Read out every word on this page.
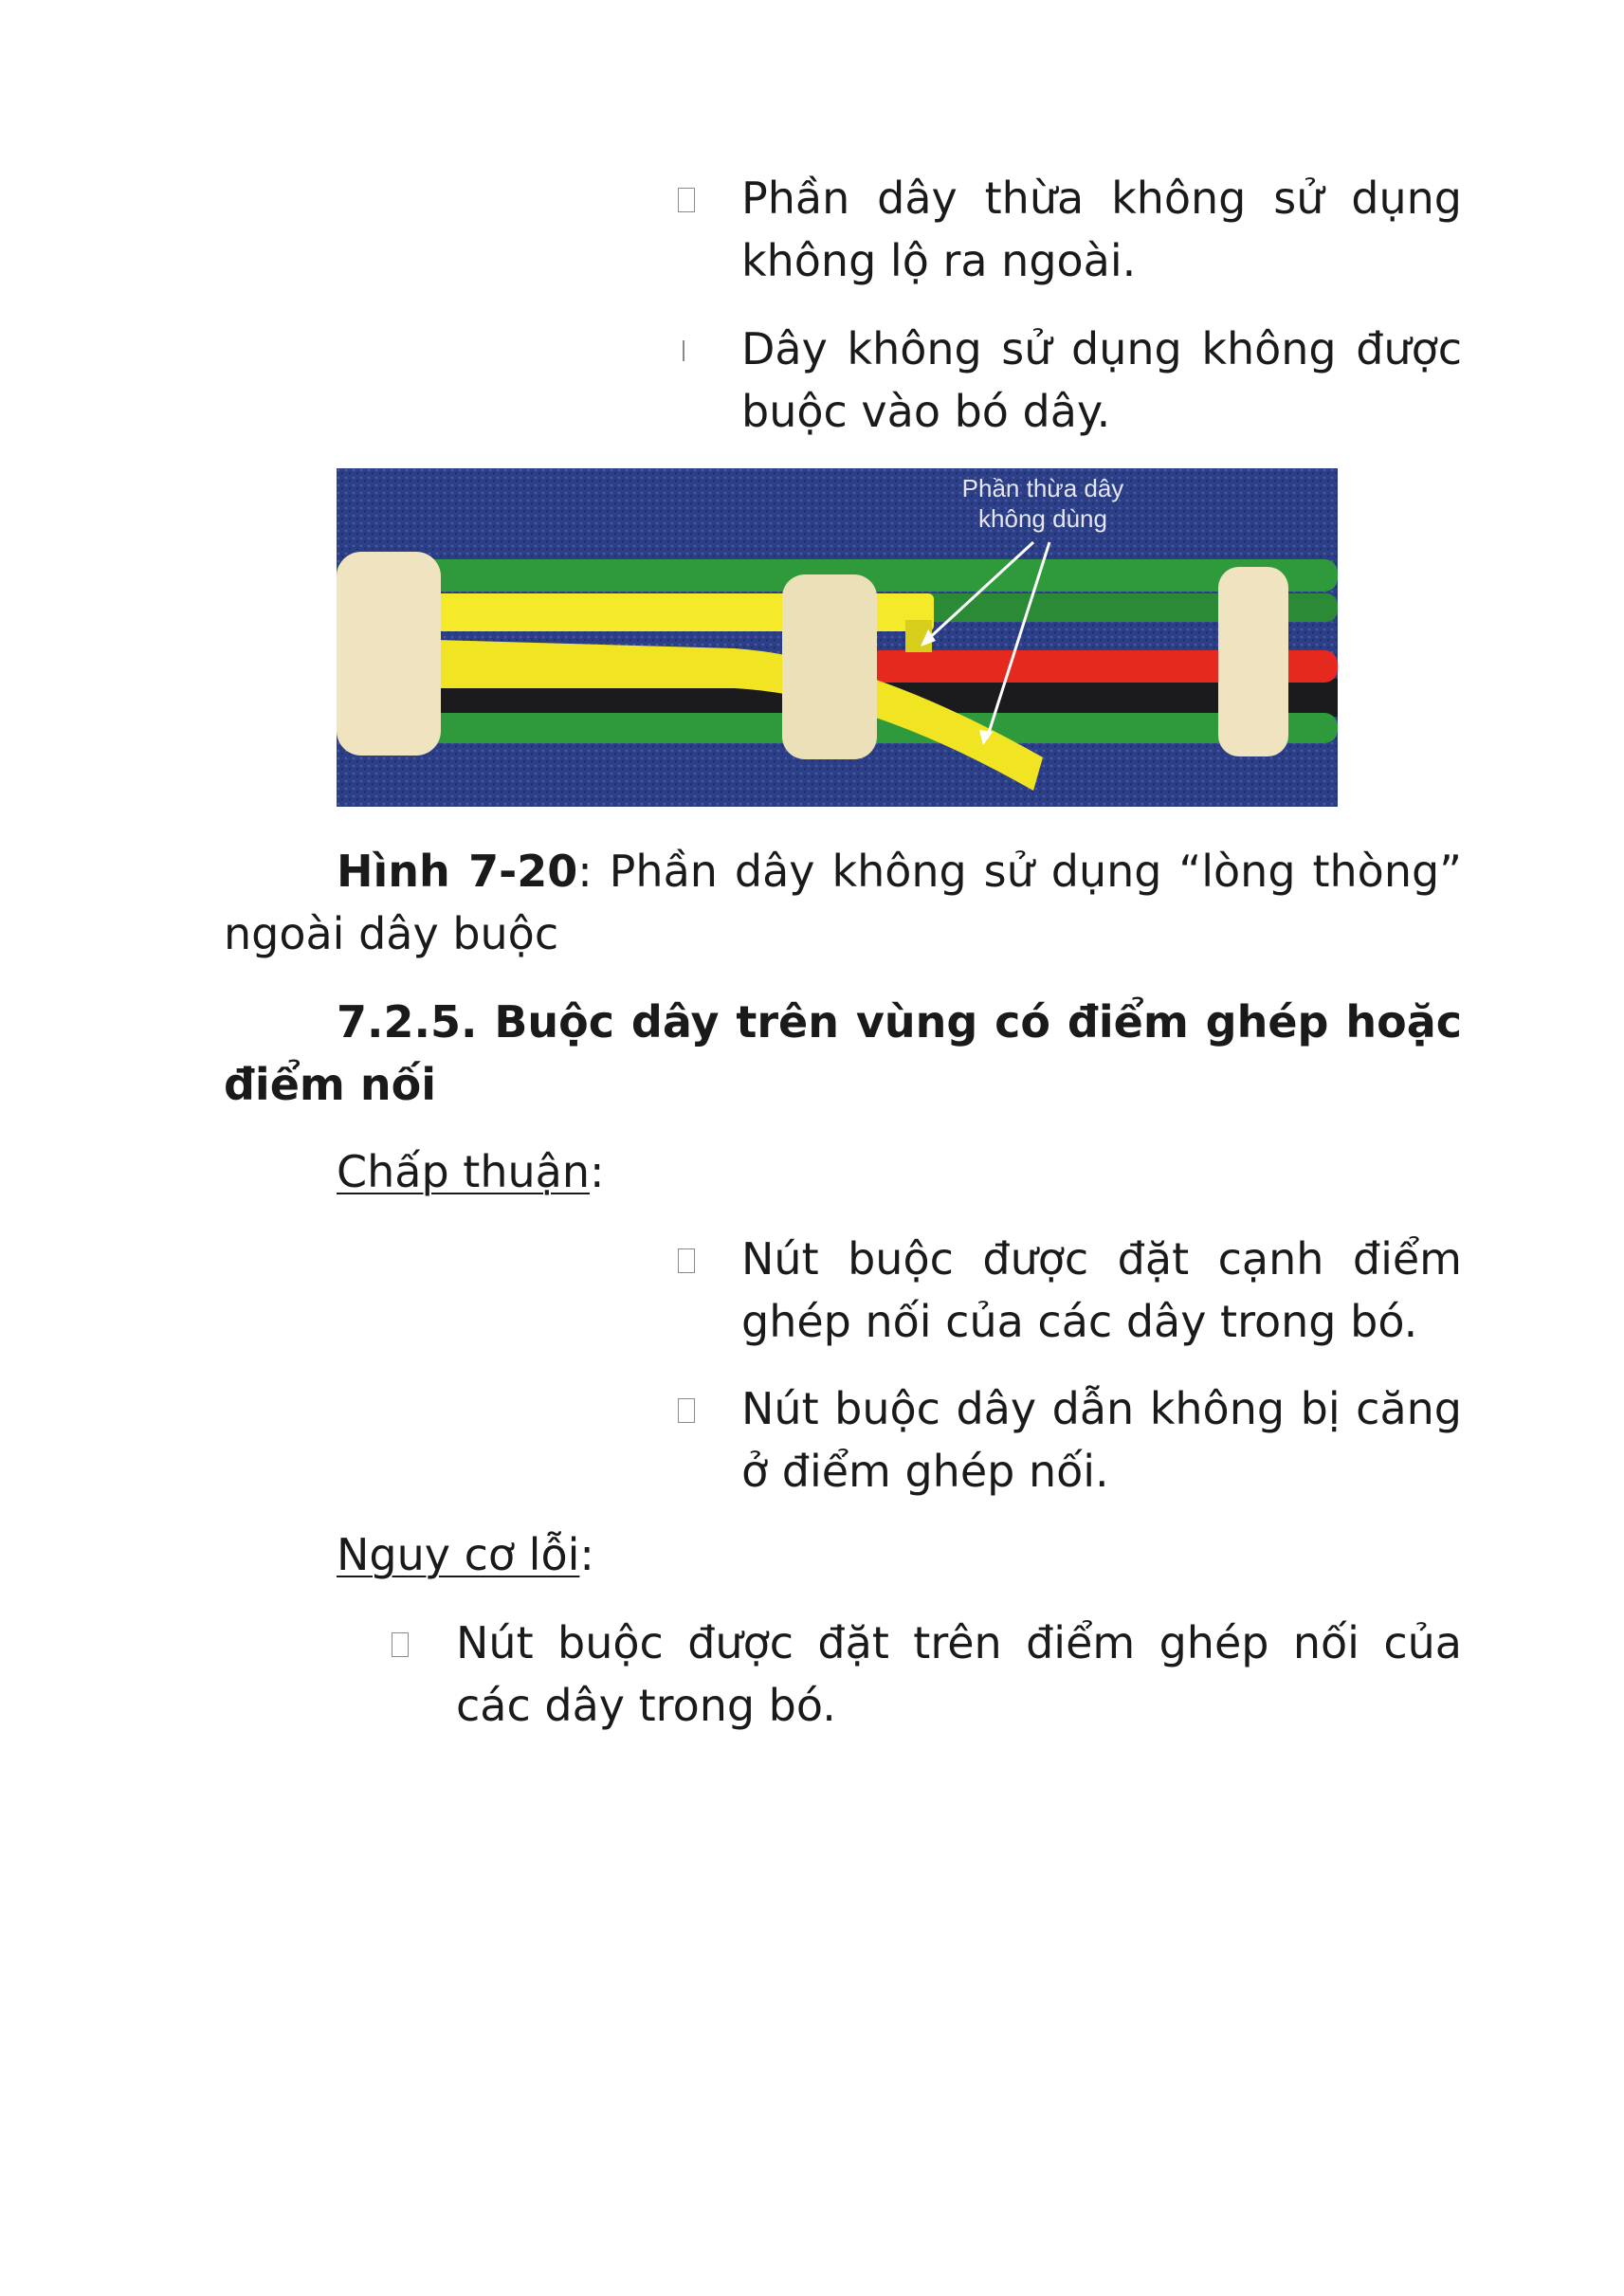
Phần dây thừa không sử dụng không lộ ra ngoài.
Dây không sử dụng không được buộc vào bó dây.
Phần thừa dây
không dùng
Hình 7-20: Phần dây không sử dụng “lòng thòng” ngoài dây buộc
7.2.5. Buộc dây trên vùng có điểm ghép hoặc điểm nối
Chấp thuận:
Nút buộc được đặt cạnh điểm ghép nối của các dây trong bó.
Nút buộc dây dẫn không bị căng ở điểm ghép nối.
Nguy cơ lỗi:
Nút buộc được đặt trên điểm ghép nối của các dây trong bó.
